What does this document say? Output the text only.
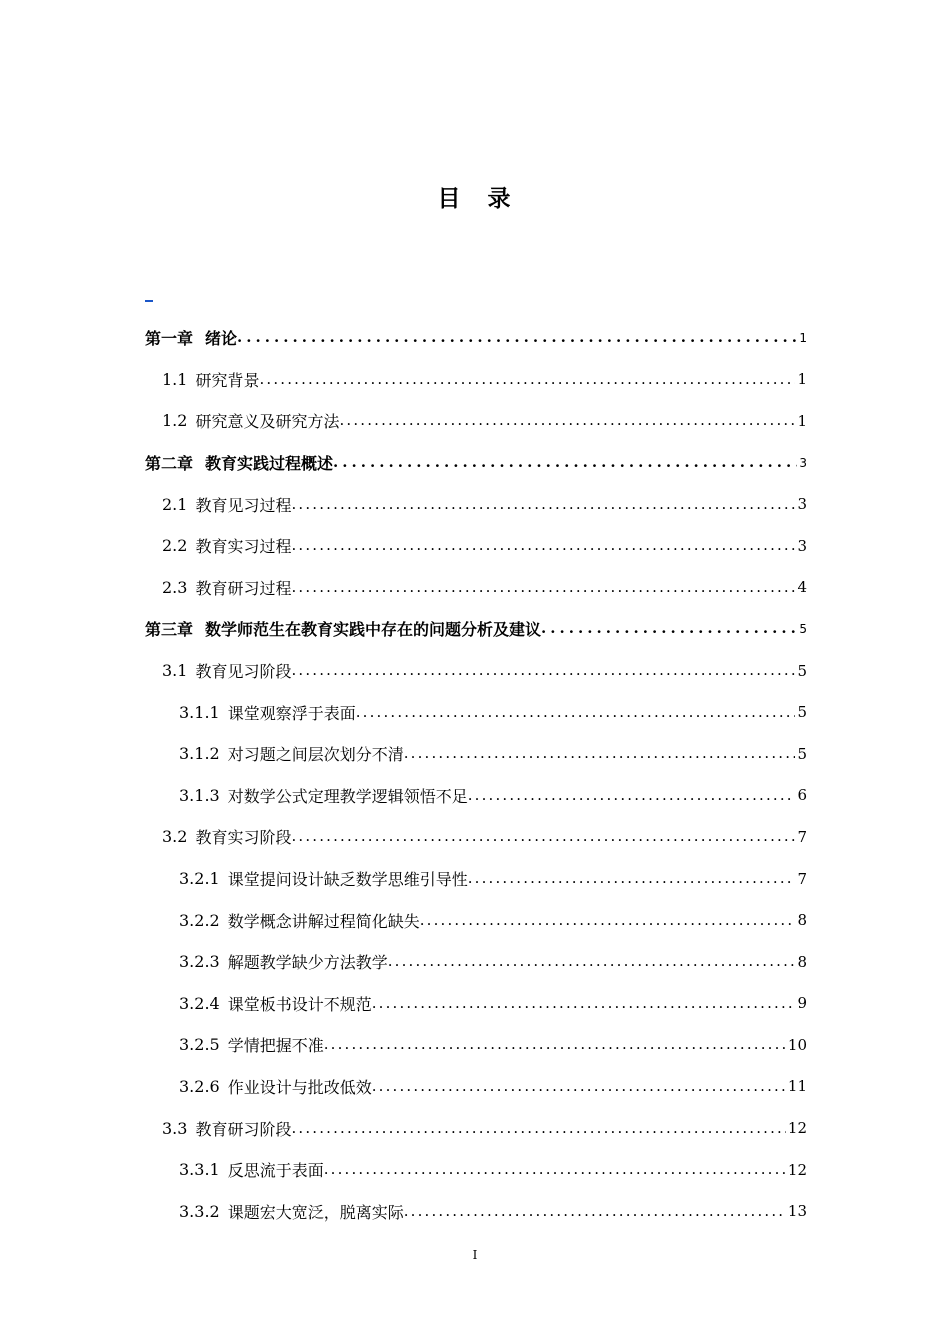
目　录
第一章 绪论 . . .	1
1.1 研究背景 . . .	1
1.2 研究意义及研究方法 . . .	1
第二章 教育实践过程概述 . . .	3
2.1 教育见习过程 . . .	3
2.2 教育实习过程 . . .	3
2.3 教育研习过程 . . .	4
第三章 数学师范生在教育实践中存在的问题分析及建议 . . .	5
3.1 教育见习阶段 . . .	5
3.1.1 课堂观察浮于表面 . . .	5
3.1.2 对习题之间层次划分不清 . . .	5
3.1.3 对数学公式定理教学逻辑领悟不足 . . .	6
3.2 教育实习阶段 . . .	7
3.2.1 课堂提问设计缺乏数学思维引导性 . . .	7
3.2.2 数学概念讲解过程简化缺失 . . .	8
3.2.3 解题教学缺少方法教学 . . .	8
3.2.4 课堂板书设计不规范 . . .	9
3.2.5 学情把握不准 . . .	10
3.2.6 作业设计与批改低效 . . .	11
3.3 教育研习阶段 . . .	12
3.3.1 反思流于表面 . . .	12
3.3.2 课题宏大宽泛，脱离实际 . . .	13
I
